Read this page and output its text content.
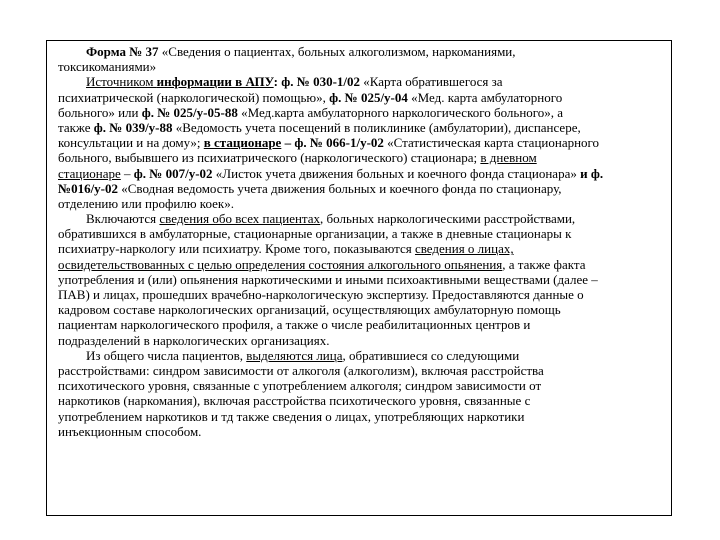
Форма № 37 «Сведения о пациентах, больных алкоголизмом, наркоманиями,
токсикоманиями»
Источником информации в АПУ: ф. № 030-1/02 «Карта обратившегося за
психиатрической (наркологической) помощью», ф. № 025/у-04 «Мед. карта амбулаторного
больного» или ф. № 025/у-05-88 «Мед.карта амбулаторного наркологического больного», а
также ф. № 039/у-88 «Ведомость учета посещений в поликлинике (амбулатории), диспансере,
консультации и на дому»; в стационаре – ф. № 066-1/у-02 «Статистическая карта стационарного
больного, выбывшего из психиатрического (наркологического) стационара; в дневном
стационаре – ф. № 007/у-02 «Листок учета движения больных и коечного фонда стационара» и ф.
№016/у-02 «Сводная ведомость учета движения больных и коечного фонда по стационару,
отделению или профилю коек».
Включаются сведения обо всех пациентах, больных наркологическими расстройствами,
обратившихся в амбулаторные, стационарные организации, а также в дневные стационары к
психиатру-наркологу или психиатру. Кроме того, показываются сведения о лицах,
освидетельствованных с целью определения состояния алкогольного опьянения, а также факта
употребления и (или) опьянения наркотическими и иными психоактивными веществами (далее –
ПАВ) и лицах, прошедших врачебно-наркологическую экспертизу. Предоставляются данные о
кадровом составе наркологических организаций, осуществляющих амбулаторную помощь
пациентам наркологического профиля, а также о числе реабилитационных центров и
подразделений в наркологических организациях.
Из общего числа пациентов, выделяются лица, обратившиеся со следующими
расстройствами: синдром зависимости от алкоголя (алкоголизм), включая расстройства
психотического уровня, связанные с употреблением алкоголя; синдром зависимости от
наркотиков (наркомания), включая расстройства психотического уровня, связанные с
употреблением наркотиков и тд также сведения о лицах, употребляющих наркотики
инъекционным способом.
